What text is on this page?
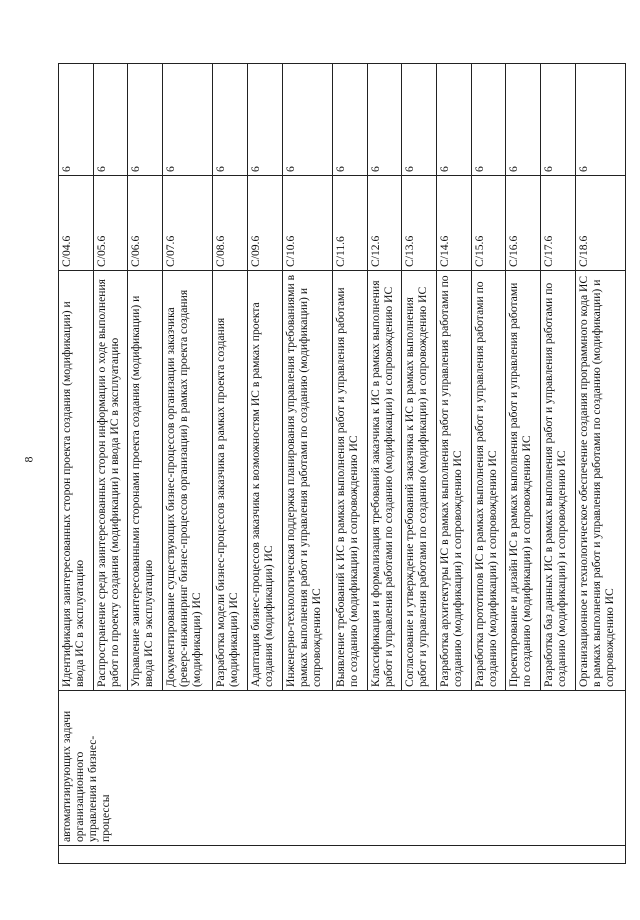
8
	автоматизирующих задачи организационного управления и бизнес-процессы	Идентификация заинтересованных сторон проекта создания (модификации) и ввода ИС в эксплуатацию	C/04.6	6
		Распространение среди заинтересованных сторон информации о ходе выполнения работ по проекту создания (модификации) и ввода ИС в эксплуатацию	C/05.6	6
		Управление заинтересованными сторонами проекта создания (модификации) и ввода ИС в эксплуатацию	C/06.6	6
		Документирование существующих бизнес-процессов организации заказчика (реверс-инжиниринг бизнес-процессов организации) в рамках проекта создания (модификации) ИС	C/07.6	6
		Разработка модели бизнес-процессов заказчика в рамках проекта создания (модификации) ИС	C/08.6	6
		Адаптация бизнес-процессов заказчика к возможностям ИС в рамках проекта создания (модификации) ИС	C/09.6	6
		Инженерно-технологическая поддержка планирования управления требованиями в рамках выполнения работ и управления работами по созданию (модификации) и сопровождению ИС	C/10.6	6
		Выявление требований к ИС в рамках выполнения работ и управления работами по созданию (модификации) и сопровождению ИС	C/11.6	6
		Классификация и формализация требований заказчика к ИС в рамках выполнения работ и управления работами по созданию (модификации) и сопровождению ИС	C/12.6	6
		Согласование и утверждение требований заказчика к ИС в рамках выполнения работ и управления работами по созданию (модификации) и сопровождению ИС	C/13.6	6
		Разработка архитектуры ИС в рамках выполнения работ и управления работами по созданию (модификации) и сопровождению ИС	C/14.6	6
		Разработка прототипов ИС в рамках выполнения работ и управления работами по созданию (модификации) и сопровождению ИС	C/15.6	6
		Проектирование и дизайн ИС в рамках выполнения работ и управления работами по созданию (модификации) и сопровождению ИС	C/16.6	6
		Разработка баз данных ИС в рамках выполнения работ и управления работами по созданию (модификации) и сопровождению ИС	C/17.6	6
		Организационное и технологическое обеспечение создания программного кода ИС в рамках выполнения работ и управления работами по созданию (модификации) и сопровождению ИС	C/18.6	6
